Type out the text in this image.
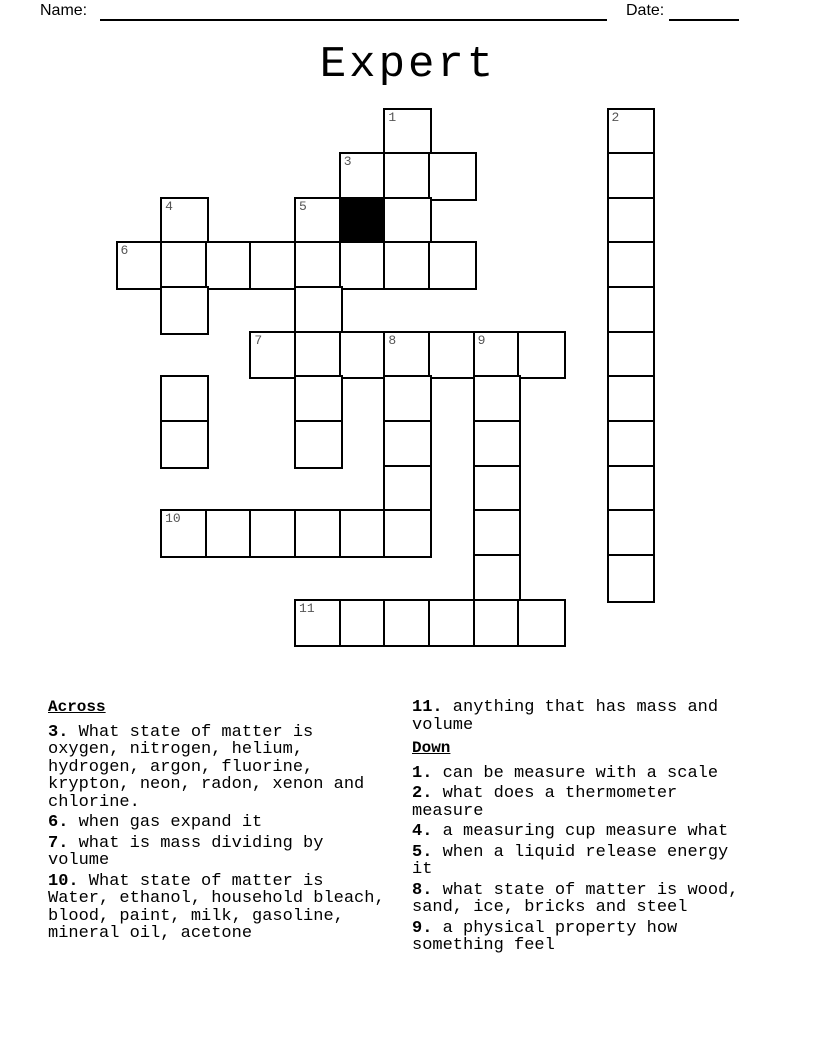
Name:	Date:
Expert
1	2
3
4	5
6
7	8	9
10
11
Across
3. What state of matter is oxygen, nitrogen, helium, hydrogen, argon, fluorine, krypton, neon, radon, xenon and chlorine.
6. when gas expand it
7. what is mass dividing by volume
10. What state of matter is Water, ethanol, household bleach, blood, paint, milk, gasoline, mineral oil, acetone
11. anything that has mass and volume
Down
1. can be measure with a scale
2. what does a thermometer measure
4. a measuring cup measure what
5. when a liquid release energy it
8. what state of matter is wood, sand, ice, bricks and steel
9. a physical property how something feel
